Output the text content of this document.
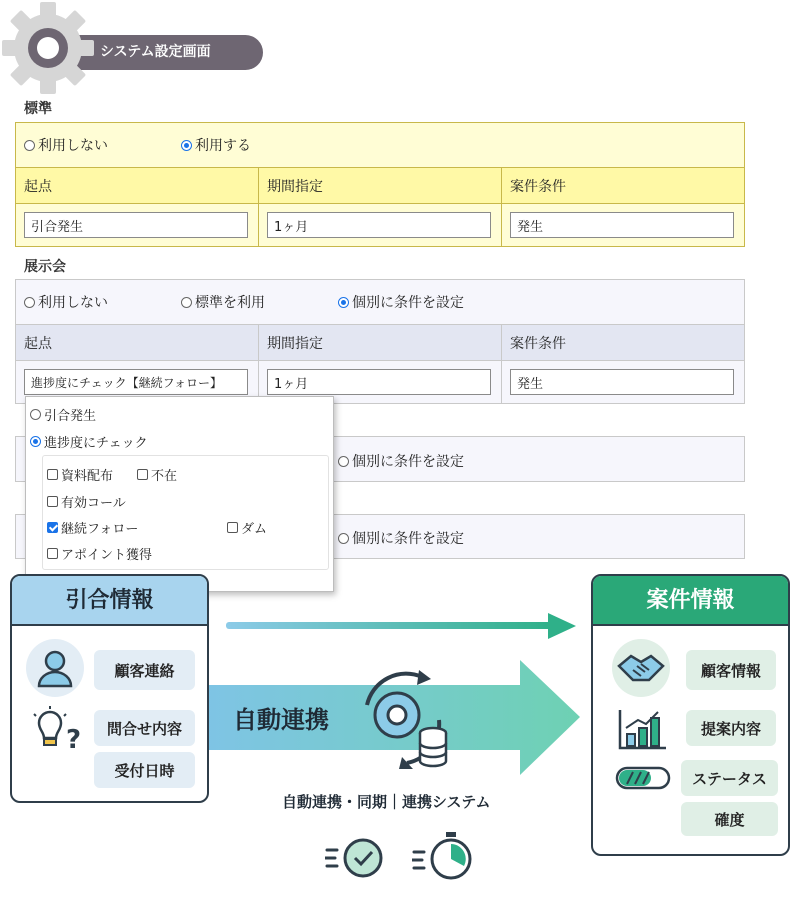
システム設定画面
標準
利用しない	利用する
起点	期間指定	案件条件
引合発生	1ヶ月	発生
展示会
利用しない	標準を利用	個別に条件を設定
起点	期間指定	案件条件
進捗度にチェック【継続フォロー】	1ヶ月	発生
個別に条件を設定
個別に条件を設定
引合発生
進捗度にチェック
資料配布	不在
有効コール
継続フォロー	ダム
アポイント獲得
自動連携
自動連携・同期｜連携システム
引合情報
顧客連絡
?	問合せ内容
受付日時
案件情報
顧客情報
提案内容
ステータス
確度
